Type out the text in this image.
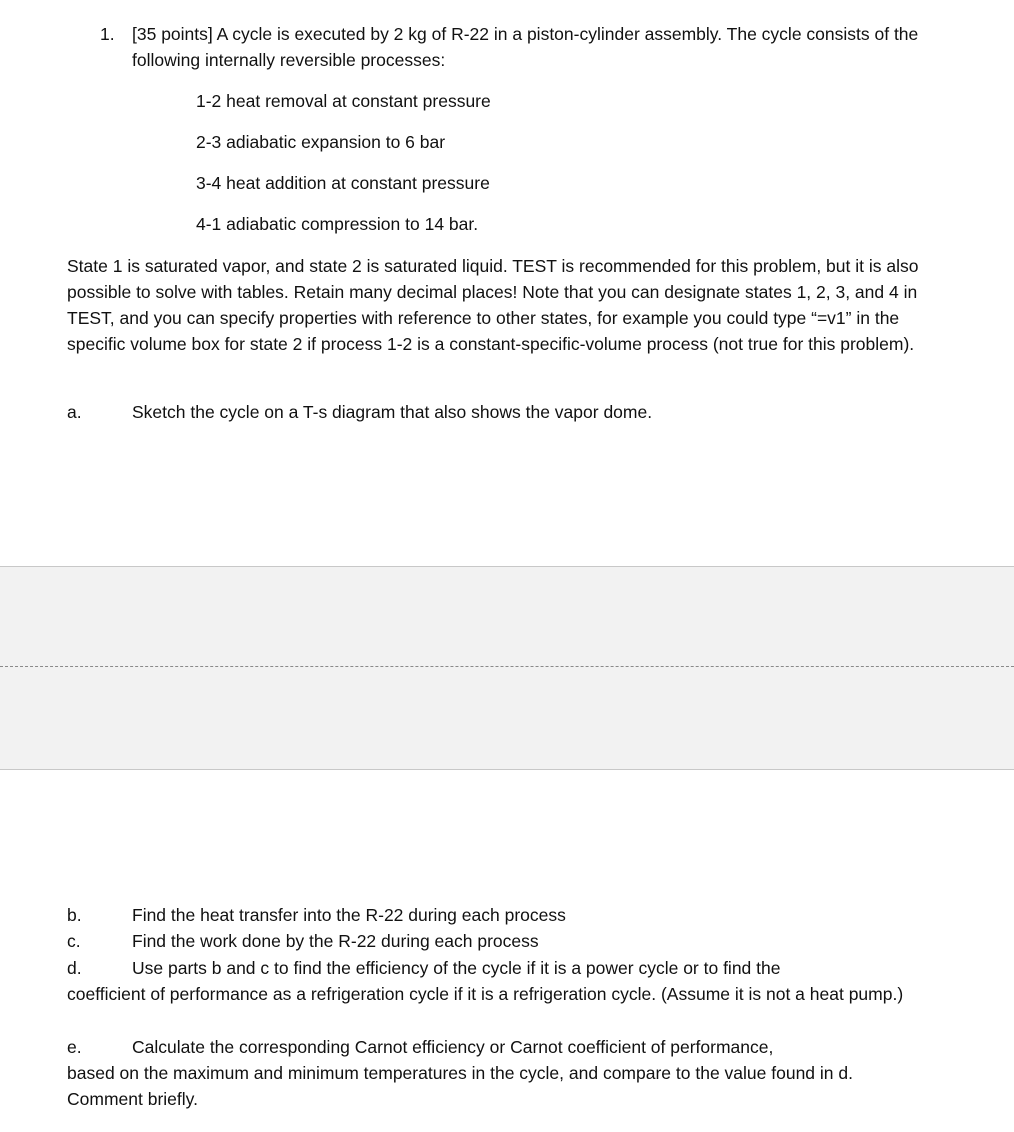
1. [35 points] A cycle is executed by 2 kg of R-22 in a piston-cylinder assembly. The cycle consists of the following internally reversible processes:
1-2 heat removal at constant pressure
2-3 adiabatic expansion to 6 bar
3-4 heat addition at constant pressure
4-1 adiabatic compression to 14 bar.
State 1 is saturated vapor, and state 2 is saturated liquid. TEST is recommended for this problem, but it is also possible to solve with tables. Retain many decimal places! Note that you can designate states 1, 2, 3, and 4 in TEST, and you can specify properties with reference to other states, for example you could type “=v1” in the specific volume box for state 2 if process 1-2 is a constant-specific-volume process (not true for this problem).
a.	Sketch the cycle on a T-s diagram that also shows the vapor dome.
b.	Find the heat transfer into the R-22 during each process
c.	Find the work done by the R-22 during each process
d.	Use parts b and c to find the efficiency of the cycle if it is a power cycle or to find the
coefficient of performance as a refrigeration cycle if it is a refrigeration cycle. (Assume it is not a heat pump.)
e.	Calculate the corresponding Carnot efficiency or Carnot coefficient of performance,
based on the maximum and minimum temperatures in the cycle, and compare to the value found in d. Comment briefly.
